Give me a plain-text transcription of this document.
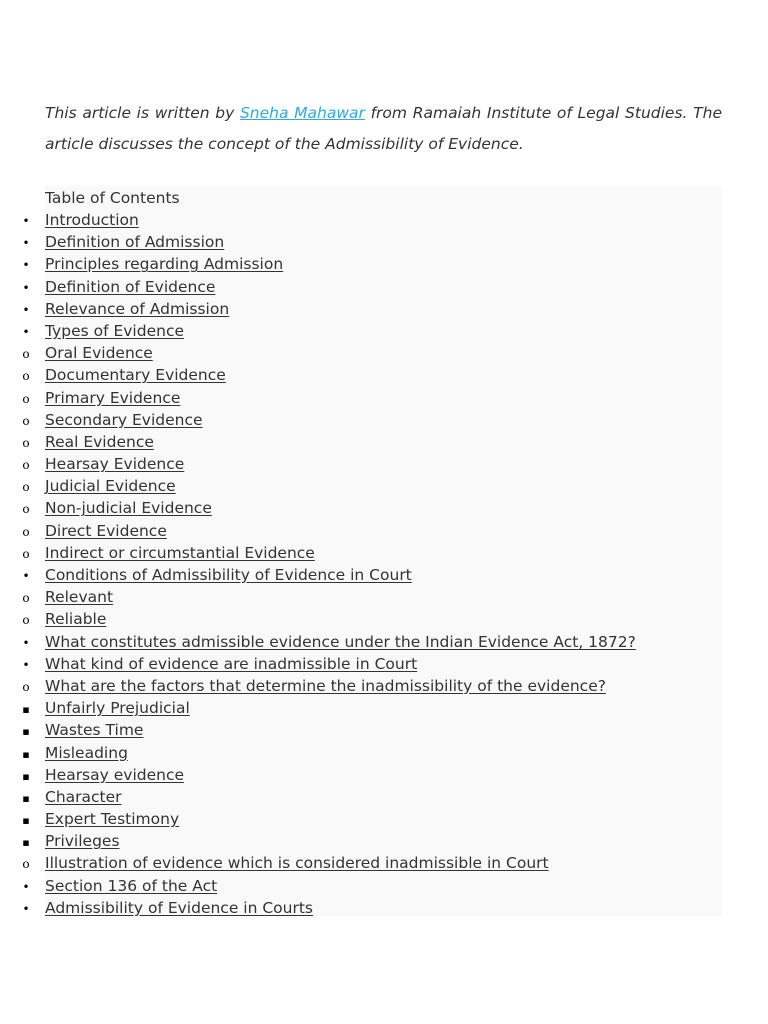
This article is written by Sneha Mahawar from Ramaiah Institute of Legal Studies. The article discusses the concept of the Admissibility of Evidence.

Table of Contents

•
Introduction
•
Definition of Admission
•
Principles regarding Admission
•
Definition of Evidence
•
Relevance of Admission
•
Types of Evidence
o
Oral Evidence
o
Documentary Evidence
o
Primary Evidence
o
Secondary Evidence
o
Real Evidence
o
Hearsay Evidence
o
Judicial Evidence
o
Non-judicial Evidence
o
Direct Evidence
o
Indirect or circumstantial Evidence
•
Conditions of Admissibility of Evidence in Court
o
Relevant
o
Reliable
•
What constitutes admissible evidence under the Indian Evidence Act, 1872?
•
What kind of evidence are inadmissible in Court
o
What are the factors that determine the inadmissibility of the evidence?
▪
Unfairly Prejudicial
▪
Wastes Time
▪
Misleading
▪
Hearsay evidence
▪
Character
▪
Expert Testimony
▪
Privileges
o
Illustration of evidence which is considered inadmissible in Court
•
Section 136 of the Act
•
Admissibility of Evidence in Courts
